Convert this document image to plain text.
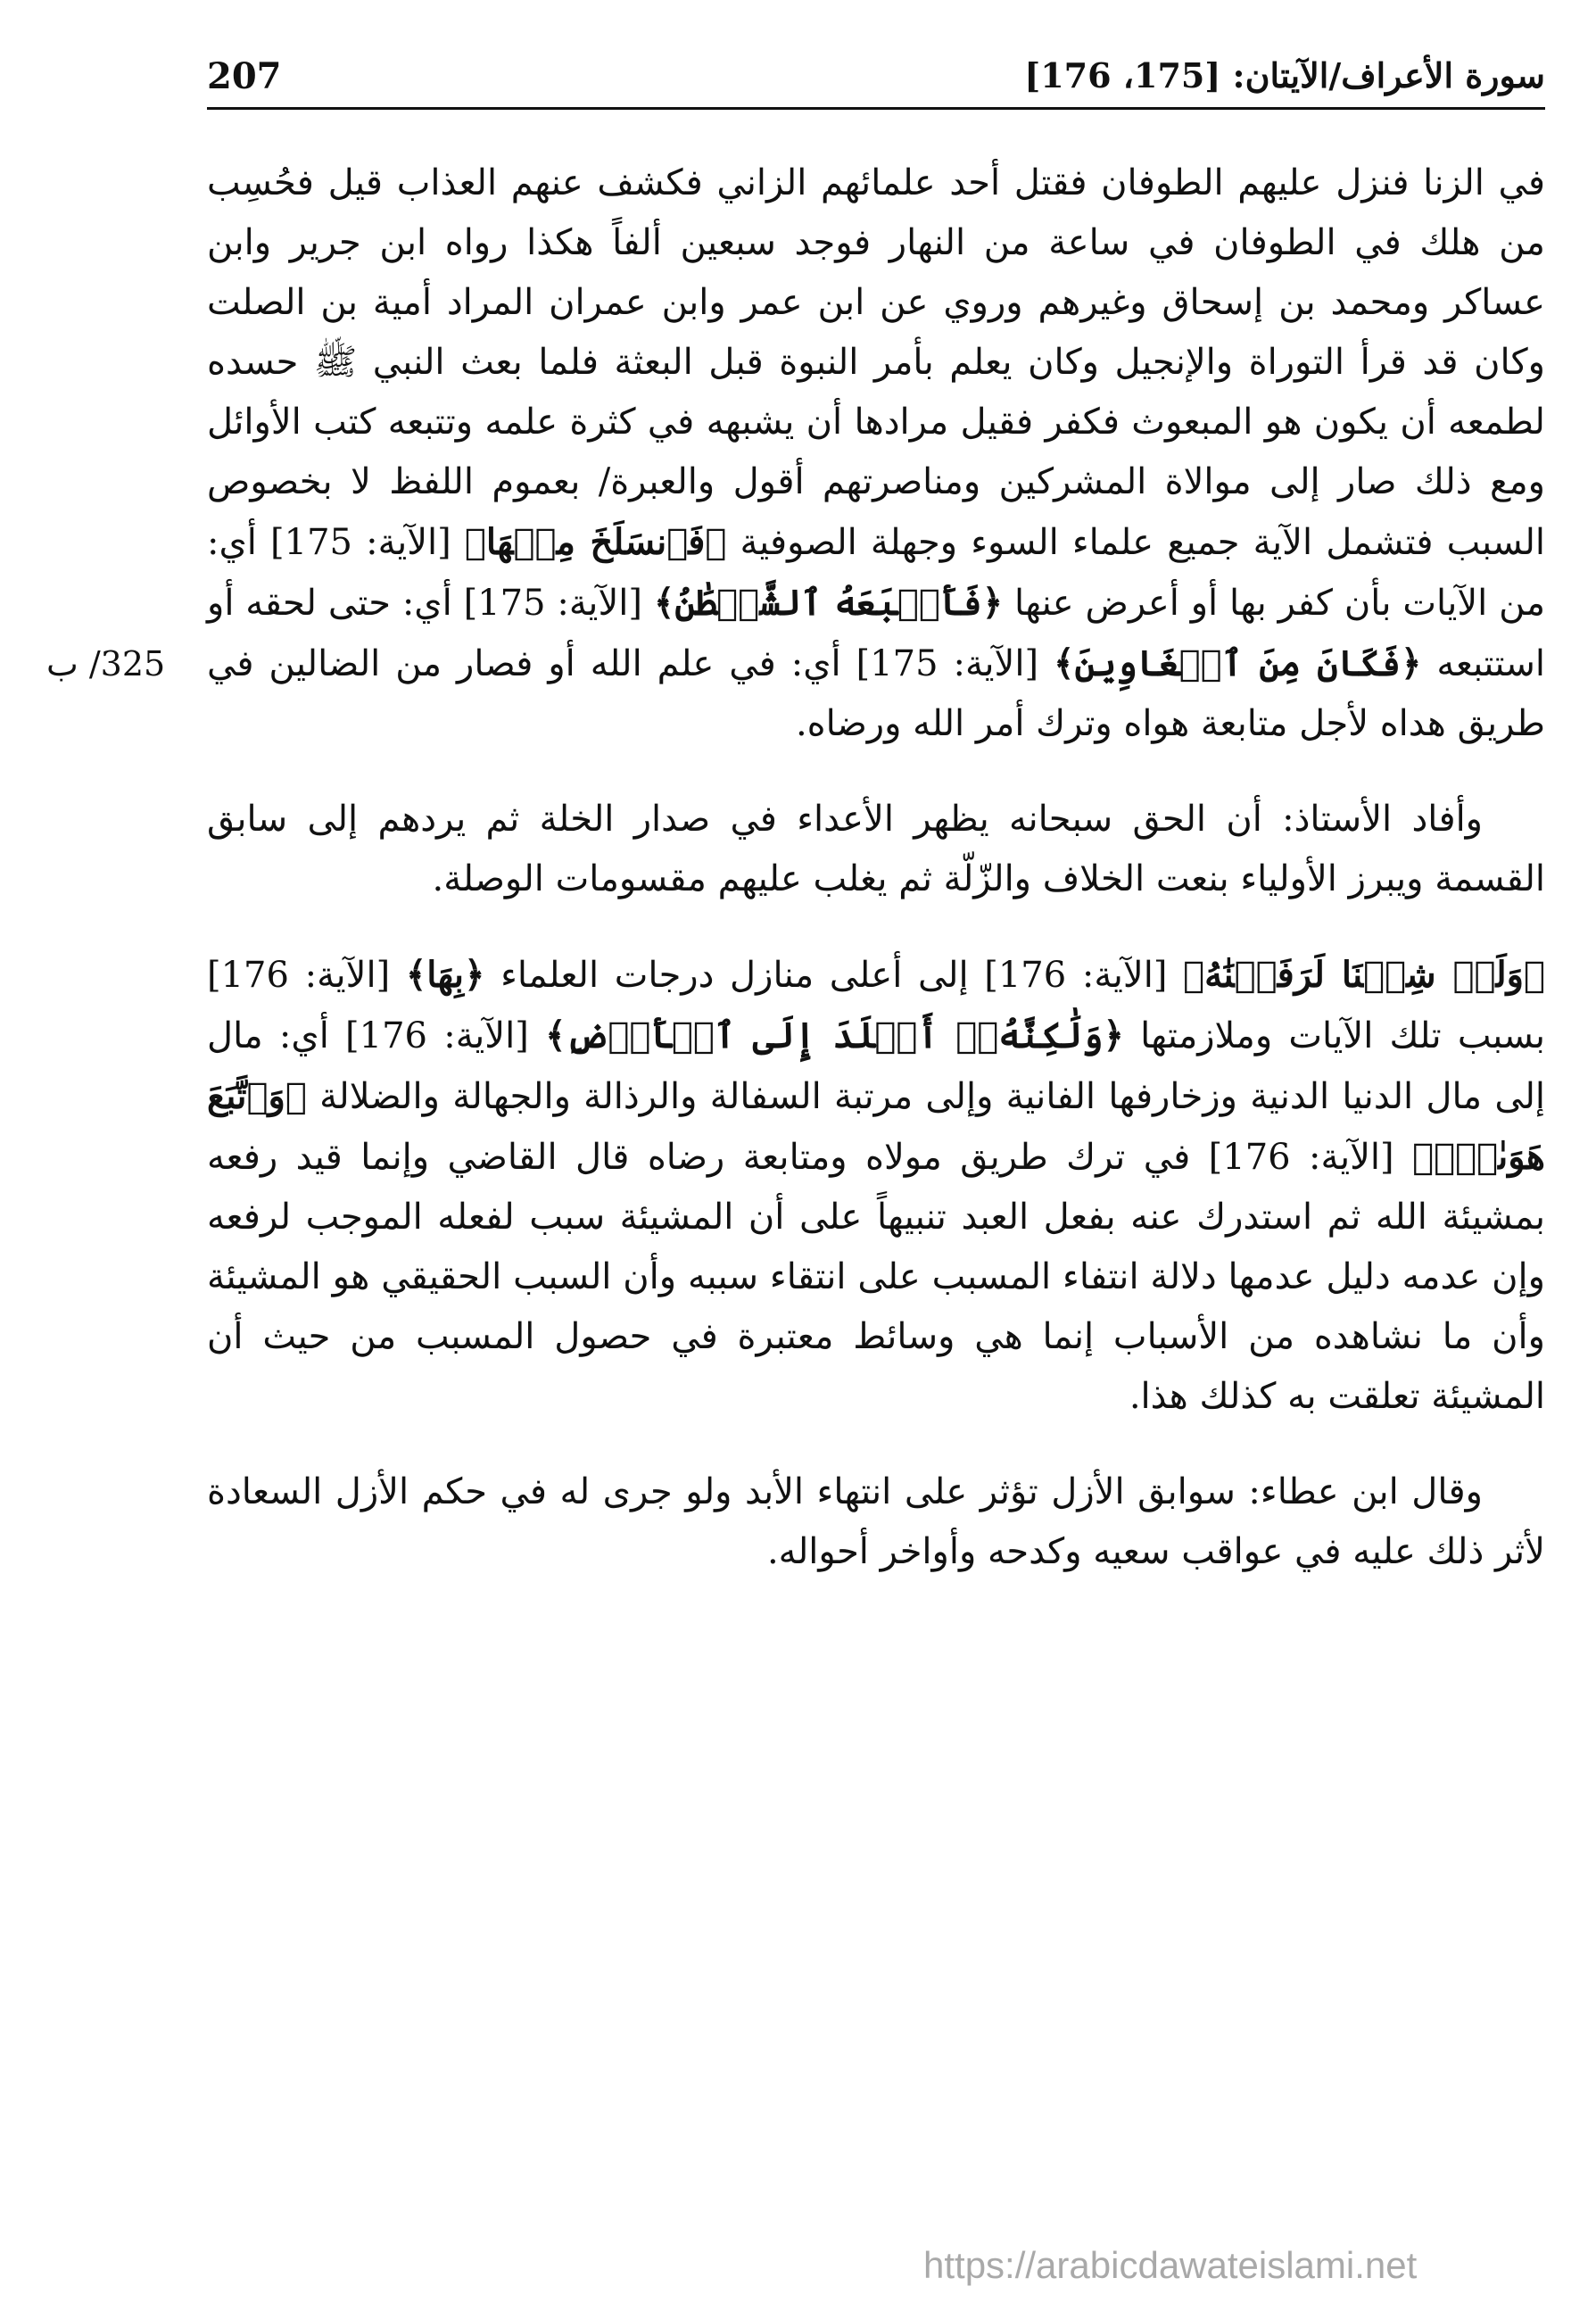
سورة الأعراف/الآيتان: [175، 176]
207
325/ ب

في الزنا فنزل عليهم الطوفان فقتل أحد علمائهم الزاني فكشف عنهم العذاب قيل فحُسِب من هلك في الطوفان في ساعة من النهار فوجد سبعين ألفاً هكذا رواه ابن جرير وابن عساكر ومحمد بن إسحاق وغيرهم وروي عن ابن عمر وابن عمران المراد أمية بن الصلت وكان قد قرأ التوراة والإنجيل وكان يعلم بأمر النبوة قبل البعثة فلما بعث النبي ﷺ حسده لطمعه أن يكون هو المبعوث فكفر فقيل مرادها أن يشبهه في كثرة علمه وتتبعه كتب الأوائل ومع ذلك صار إلى موالاة المشركين ومناصرتهم أقول والعبرة/ بعموم اللفظ لا بخصوص السبب فتشمل الآية جميع علماء السوء وجهلة الصوفية ﴿فَٱنسَلَخَ مِنۡهَا﴾ [الآية: 175] أي: من الآيات بأن كفر بها أو أعرض عنها ﴿فَأَتۡبَعَهُ ٱلشَّيۡطَٰنُ﴾ [الآية: 175] أي: حتى لحقه أو استتبعه ﴿فَكَانَ مِنَ ٱلۡغَاوِينَ﴾ [الآية: 175] أي: في علم الله أو فصار من الضالين في طريق هداه لأجل متابعة هواه وترك أمر الله ورضاه.

وأفاد الأستاذ: أن الحق سبحانه يظهر الأعداء في صدار الخلة ثم يردهم إلى سابق القسمة ويبرز الأولياء بنعت الخلاف والزّلّة ثم يغلب عليهم مقسومات الوصلة.

﴿وَلَوۡ شِئۡنَا لَرَفَعۡنَٰهُ﴾ [الآية: 176] إلى أعلى منازل درجات العلماء ﴿بِهَا﴾ [الآية: 176] بسبب تلك الآيات وملازمتها ﴿وَلَٰكِنَّهُۥٓ أَخۡلَدَ إِلَى ٱلۡأَرۡضِ﴾ [الآية: 176] أي: مال إلى مال الدنيا الدنية وزخارفها الفانية وإلى مرتبة السفالة والرذالة والجهالة والضلالة ﴿وَٱتَّبَعَ هَوَىٰهُۚ﴾ [الآية: 176] في ترك طريق مولاه ومتابعة رضاه قال القاضي وإنما قيد رفعه بمشيئة الله ثم استدرك عنه بفعل العبد تنبيهاً على أن المشيئة سبب لفعله الموجب لرفعه وإن عدمه دليل عدمها دلالة انتفاء المسبب على انتقاء سببه وأن السبب الحقيقي هو المشيئة وأن ما نشاهده من الأسباب إنما هي وسائط معتبرة في حصول المسبب من حيث أن المشيئة تعلقت به كذلك هذا.

وقال ابن عطاء: سوابق الأزل تؤثر على انتهاء الأبد ولو جرى له في حكم الأزل السعادة لأثر ذلك عليه في عواقب سعيه وكدحه وأواخر أحواله.

https://arabicdawateislami.net
